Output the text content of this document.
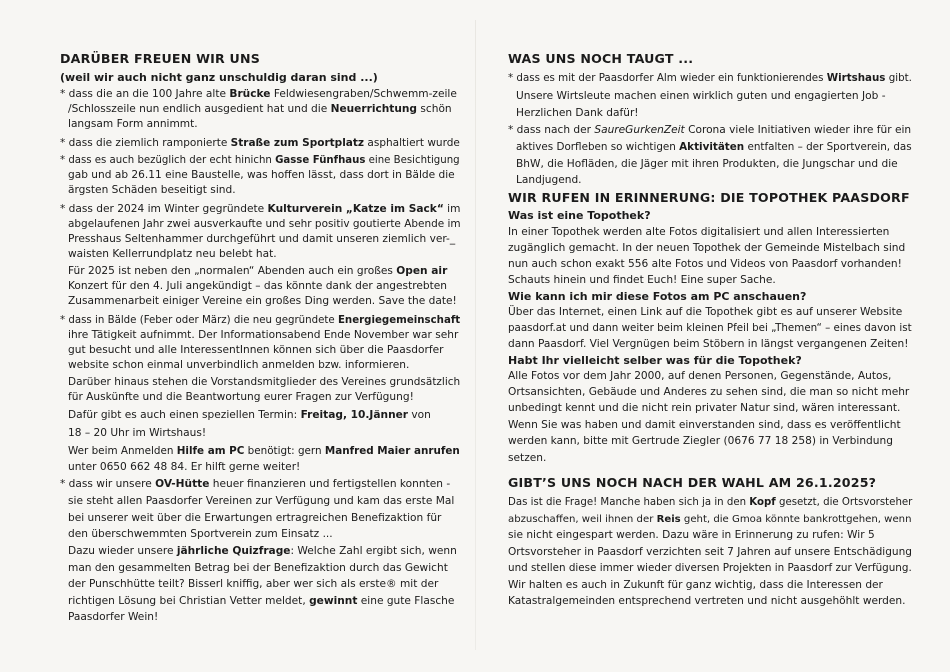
DARÜBER FREUEN WIR UNS
(weil wir auch nicht ganz unschuldig daran sind ...)
* dass die an die 100 Jahre alte Brücke Feldwiesengraben/Schwemm-zeile
/Schlosszeile nun endlich ausgedient hat und die Neuerrichtung schön
langsam Form annimmt.
* dass die ziemlich ramponierte Straße zum Sportplatz asphaltiert wurde
* dass es auch bezüglich der echt hinichn Gasse Fünfhaus eine Besichtigung
gab und ab 26.11 eine Baustelle, was hoffen lässt, dass dort in Bälde die
ärgsten Schäden beseitigt sind.
* dass der 2024 im Winter gegründete Kulturverein „Katze im Sack“ im
abgelaufenen Jahr zwei ausverkaufte und sehr positiv goutierte Abende im
Presshaus Seltenhammer durchgeführt und damit unseren ziemlich ver-_
waisten Kellerrundplatz neu belebt hat.
Für 2025 ist neben den „normalen“ Abenden auch ein großes Open air
Konzert für den 4. Juli angekündigt – das könnte dank der angestrebten
Zusammenarbeit einiger Vereine ein großes Ding werden. Save the date!
* dass in Bälde (Feber oder März) die neu gegründete Energiegemeinschaft
ihre Tätigkeit aufnimmt. Der Informationsabend Ende November war sehr
gut besucht und alle InteressentInnen können sich über die Paasdorfer
website schon einmal unverbindlich anmelden bzw. informieren.
Darüber hinaus stehen die Vorstandsmitglieder des Vereines grundsätzlich
für Auskünfte und die Beantwortung eurer Fragen zur Verfügung!
Dafür gibt es auch einen speziellen Termin: Freitag, 10.Jänner von
18 – 20 Uhr im Wirtshaus!
Wer beim Anmelden Hilfe am PC benötigt: gern Manfred Maier anrufen
unter 0650 662 48 84. Er hilft gerne weiter!
* dass wir unsere OV-Hütte heuer finanzieren und fertigstellen konnten -
sie steht allen Paasdorfer Vereinen zur Verfügung und kam das erste Mal
bei unserer weit über die Erwartungen ertragreichen Benefizaktion für
den überschwemmten Sportverein zum Einsatz ...
Dazu wieder unsere jährliche Quizfrage: Welche Zahl ergibt sich, wenn
man den gesammelten Betrag bei der Benefizaktion durch das Gewicht
der Punschhütte teilt? Bisserl kniffig, aber wer sich als erste® mit der
richtigen Lösung bei Christian Vetter meldet, gewinnt eine gute Flasche
Paasdorfer Wein!
WAS UNS NOCH TAUGT ...
* dass es mit der Paasdorfer Alm wieder ein funktionierendes Wirtshaus gibt.
Unsere Wirtsleute machen einen wirklich guten und engagierten Job -
Herzlichen Dank dafür!
* dass nach der SaureGurkenZeit Corona viele Initiativen wieder ihre für ein
aktives Dorfleben so wichtigen Aktivitäten entfalten – der Sportverein, das
BhW, die Hofläden, die Jäger mit ihren Produkten, die Jungschar und die
Landjugend.
WIR RUFEN IN ERINNERUNG: DIE TOPOTHEK PAASDORF
Was ist eine Topothek?
In einer Topothek werden alte Fotos digitalisiert und allen Interessierten
zugänglich gemacht. In der neuen Topothek der Gemeinde Mistelbach sind
nun auch schon exakt 556 alte Fotos und Videos von Paasdorf vorhanden!
Schauts hinein und findet Euch! Eine super Sache.
Wie kann ich mir diese Fotos am PC anschauen?
Über das Internet, einen Link auf die Topothek gibt es auf unserer Website
paasdorf.at und dann weiter beim kleinen Pfeil bei „Themen“ – eines davon ist
dann Paasdorf. Viel Vergnügen beim Stöbern in längst vergangenen Zeiten!
Habt Ihr vielleicht selber was für die Topothek?
Alle Fotos vor dem Jahr 2000, auf denen Personen, Gegenstände, Autos,
Ortsansichten, Gebäude und Anderes zu sehen sind, die man so nicht mehr
unbedingt kennt und die nicht rein privater Natur sind, wären interessant.
Wenn Sie was haben und damit einverstanden sind, dass es veröffentlicht
werden kann, bitte mit Gertrude Ziegler (0676 77 18 258) in Verbindung
setzen.
GIBT’S UNS NOCH NACH DER WAHL AM 26.1.2025?
Das ist die Frage! Manche haben sich ja in den Kopf gesetzt, die Ortsvorsteher
abzuschaffen, weil ihnen der Reis geht, die Gmoa könnte bankrottgehen, wenn
sie nicht eingespart werden. Dazu wäre in Erinnerung zu rufen: Wir 5
Ortsvorsteher in Paasdorf verzichten seit 7 Jahren auf unsere Entschädigung
und stellen diese immer wieder diversen Projekten in Paasdorf zur Verfügung.
Wir halten es auch in Zukunft für ganz wichtig, dass die Interessen der
Katastralgemeinden entsprechend vertreten und nicht ausgehöhlt werden.
